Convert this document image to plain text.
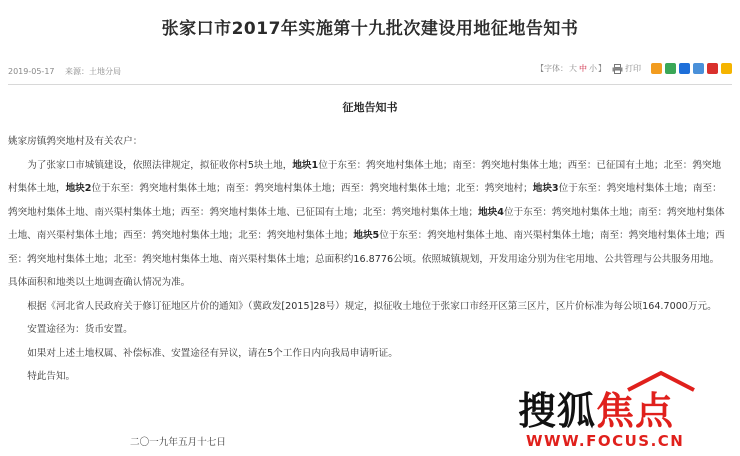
张家口市2017年实施第十九批次建设用地征地告知书
2019-05-17 来源：土地分局	【字体：大 中 小】 打印
征地告知书

姚家房镇鹁突地村及有关农户：

为了张家口市城镇建设，依照法律规定，拟征收你村5块土地，地块1位于东至：鹁突地村集体土地；南至：鹁突地村集体土地；西至：已征国有土地；北至：鹁突地村集体土地，地块2位于东至：鹁突地村集体土地；南至：鹁突地村集体土地；西至：鹁突地村集体土地；北至：鹁突地村；地块3位于东至：鹁突地村集体土地；南至：鹁突地村集体土地、南兴渠村集体土地；西至：鹁突地村集体土地、已征国有土地；北至：鹁突地村集体土地；地块4位于东至：鹁突地村集体土地；南至：鹁突地村集体土地、南兴渠村集体土地；西至：鹁突地村集体土地；北至：鹁突地村集体土地；地块5位于东至：鹁突地村集体土地、南兴渠村集体土地；南至：鹁突地村集体土地；西至：鹁突地村集体土地；北至：鹁突地村集体土地、南兴渠村集体土地；总面积约16.8776公顷。依照城镇规划，开发用途分别为住宅用地、公共管理与公共服务用地。具体面积和地类以土地调查确认情况为准。

根据《河北省人民政府关于修订征地区片价的通知》（冀政发[2015]28号）规定，拟征收土地位于张家口市经开区第三区片，区片价标准为每公顷164.7000万元。

安置途径为：货币安置。

如果对上述土地权属、补偿标准、安置途径有异议，请在5个工作日内向我局申请听证。

特此告知。

二〇一九年五月十七日
搜狐焦点
WWW.FOCUS.CN
